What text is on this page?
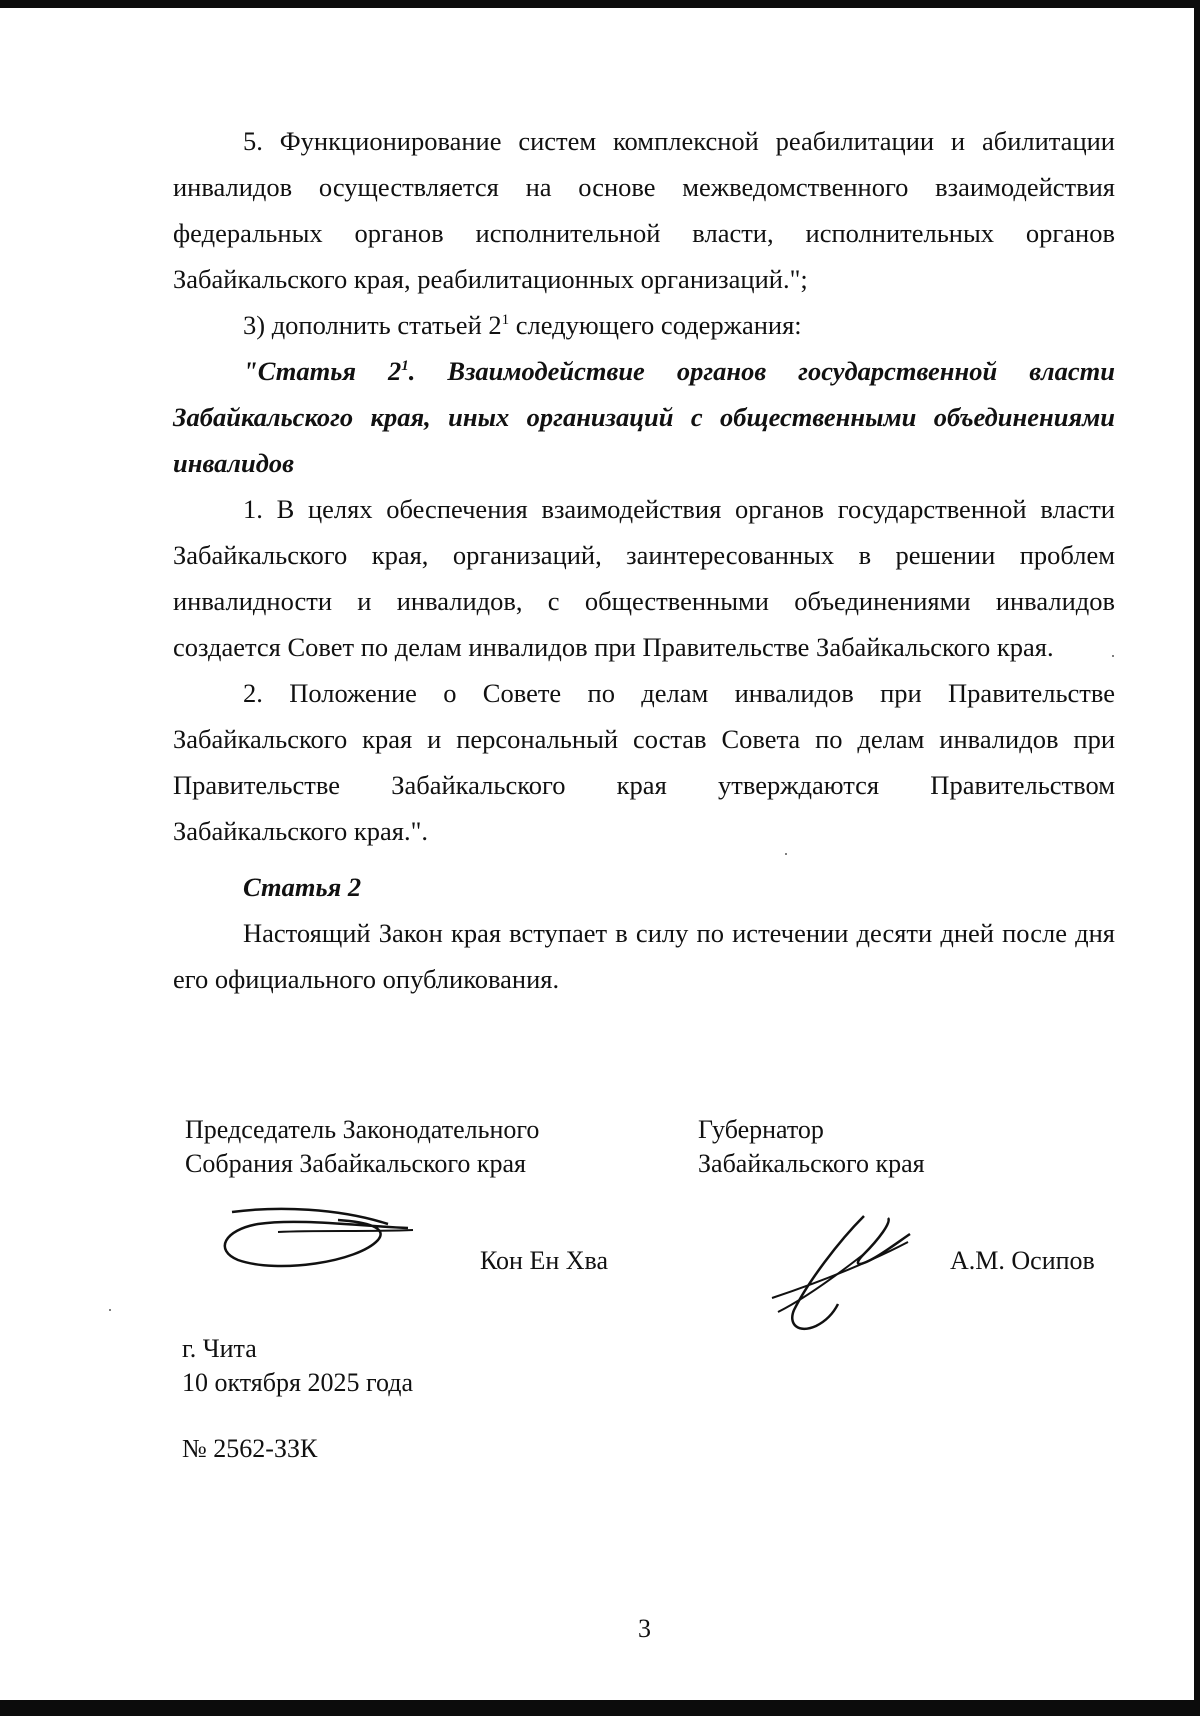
5. Функционирование систем комплексной реабилитации и абилитации инвалидов осуществляется на основе межведомственного взаимодействия федеральных органов исполнительной власти, исполнительных органов Забайкальского края, реабилитационных организаций.";

3) дополнить статьей $2^1$ следующего содержания:

"Статья $2^1$. Взаимодействие органов государственной власти Забайкальского края, иных организаций с общественными объединениями инвалидов

1. В целях обеспечения взаимодействия органов государственной власти Забайкальского края, организаций, заинтересованных в решении проблем инвалидности и инвалидов, с общественными объединениями инвалидов создается Совет по делам инвалидов при Правительстве Забайкальского края.

2. Положение о Совете по делам инвалидов при Правительстве Забайкальского края и персональный состав Совета по делам инвалидов при Правительстве Забайкальского края утверждаются Правительством Забайкальского края.".

Статья 2

Настоящий Закон края вступает в силу по истечении десяти дней после дня его официального опубликования.

Председатель Законодательного
Собрания Забайкальского края
Губернатор
Забайкальского края
Кон Ен Хва	А.М. Осипов
г. Чита
10 октября 2025 года
№ 2562-ЗЗК
3
